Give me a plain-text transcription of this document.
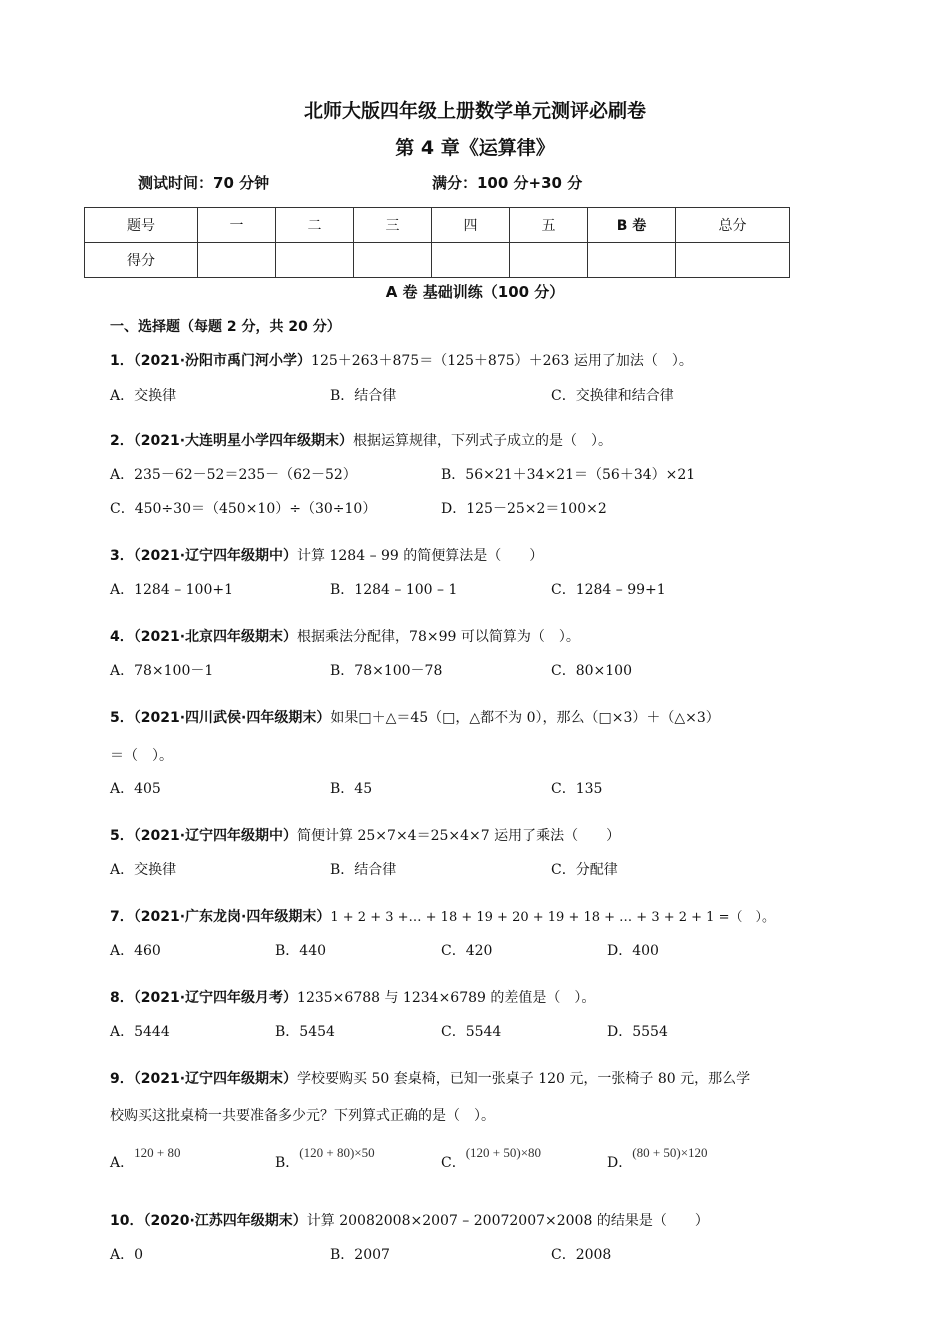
北师大版四年级上册数学单元测评必刷卷
第 4 章《运算律》
测试时间：70 分钟	满分：100 分+30 分
题号	一	二	三	四	五	B 卷	总分
得分							
A 卷 基础训练（100 分）
一、选择题（每题 2 分，共 20 分）
1．（2021·汾阳市禹门河小学）125＋263＋875＝（125＋875）＋263 运用了加法（　）。
A．交换律	B．结合律	C．交换律和结合律
2．（2021·大连明星小学四年级期末）根据运算规律，下列式子成立的是（　）。
A．235－62－52＝235－（62－52）	B．56×21＋34×21＝（56＋34）×21
C．450÷30＝（450×10）÷（30÷10）	D．125－25×2＝100×2
3．（2021·辽宁四年级期中）计算 1284 – 99 的简便算法是（　　）
A．1284 – 100+1	B．1284 – 100 – 1	C．1284 – 99+1
4．（2021·北京四年级期末）根据乘法分配律，78×99 可以简算为（　）。
A．78×100－1	B．78×100－78	C．80×100
5．（2021·四川武侯·四年级期末）如果□＋△＝45（□，△都不为 0），那么（□×3）＋（△×3）
＝（　）。
A．405	B．45	C．135
5．（2021·辽宁四年级期中）简便计算 25×7×4＝25×4×7 运用了乘法（　　）
A．交换律	B．结合律	C．分配律
7．（2021·广东龙岗·四年级期末）1 + 2 + 3 +… + 18 + 19 + 20 + 19 + 18 + … + 3 + 2 + 1 =（　）。
A．460	B．440	C．420	D．400
8．（2021·辽宁四年级月考）1235×6788 与 1234×6789 的差值是（　）。
A．5444	B．5454	C．5544	D．5554
9．（2021·辽宁四年级期末）学校要购买 50 套桌椅，已知一张桌子 120 元，一张椅子 80 元，那么学
校购买这批桌椅一共要准备多少元？下列算式正确的是（　）。
A．120 + 80
B．(120 + 80)×50
C．(120 + 50)×80
D．(80 + 50)×120
10．（2020·江苏四年级期末）计算 20082008×2007 – 20072007×2008 的结果是（　　）
A．0	B．2007	C．2008
